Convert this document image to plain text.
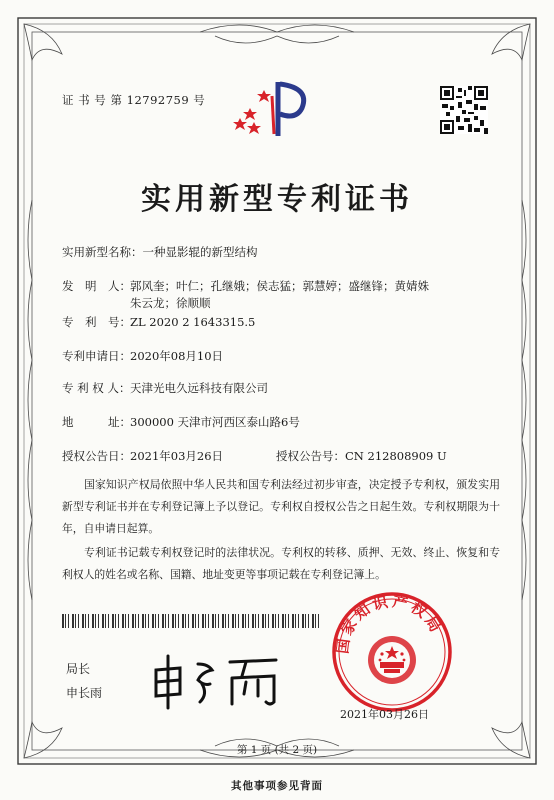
证 书 号 第 12792759 号
实用新型专利证书
实用新型名称：一种显影辊的新型结构
发　明　人：郭风奎；叶仁；孔继娥；侯志猛；郭慧婷；盛继锋；黄婧姝
朱云龙；徐顺顺
专　利　号：ZL 2020 2 1643315.5
专利申请日：2020年08月10日
专 利 权 人：天津光电久远科技有限公司
地　　　址：300000 天津市河西区泰山路6号
授权公告日：2021年03月26日	授权公告号：CN 212808909 U
国家知识产权局依照中华人民共和国专利法经过初步审查，决定授予专利权，颁发实用新型专利证书并在专利登记簿上予以登记。专利权自授权公告之日起生效。专利权期限为十年，自申请日起算。
专利证书记载专利权登记时的法律状况。专利权的转移、质押、无效、终止、恢复和专利权人的姓名或名称、国籍、地址变更等事项记载在专利登记簿上。
局长
申长雨
国家知识产权局
2021年03月26日
第 1 页 (共 2 页)
其他事项参见背面
